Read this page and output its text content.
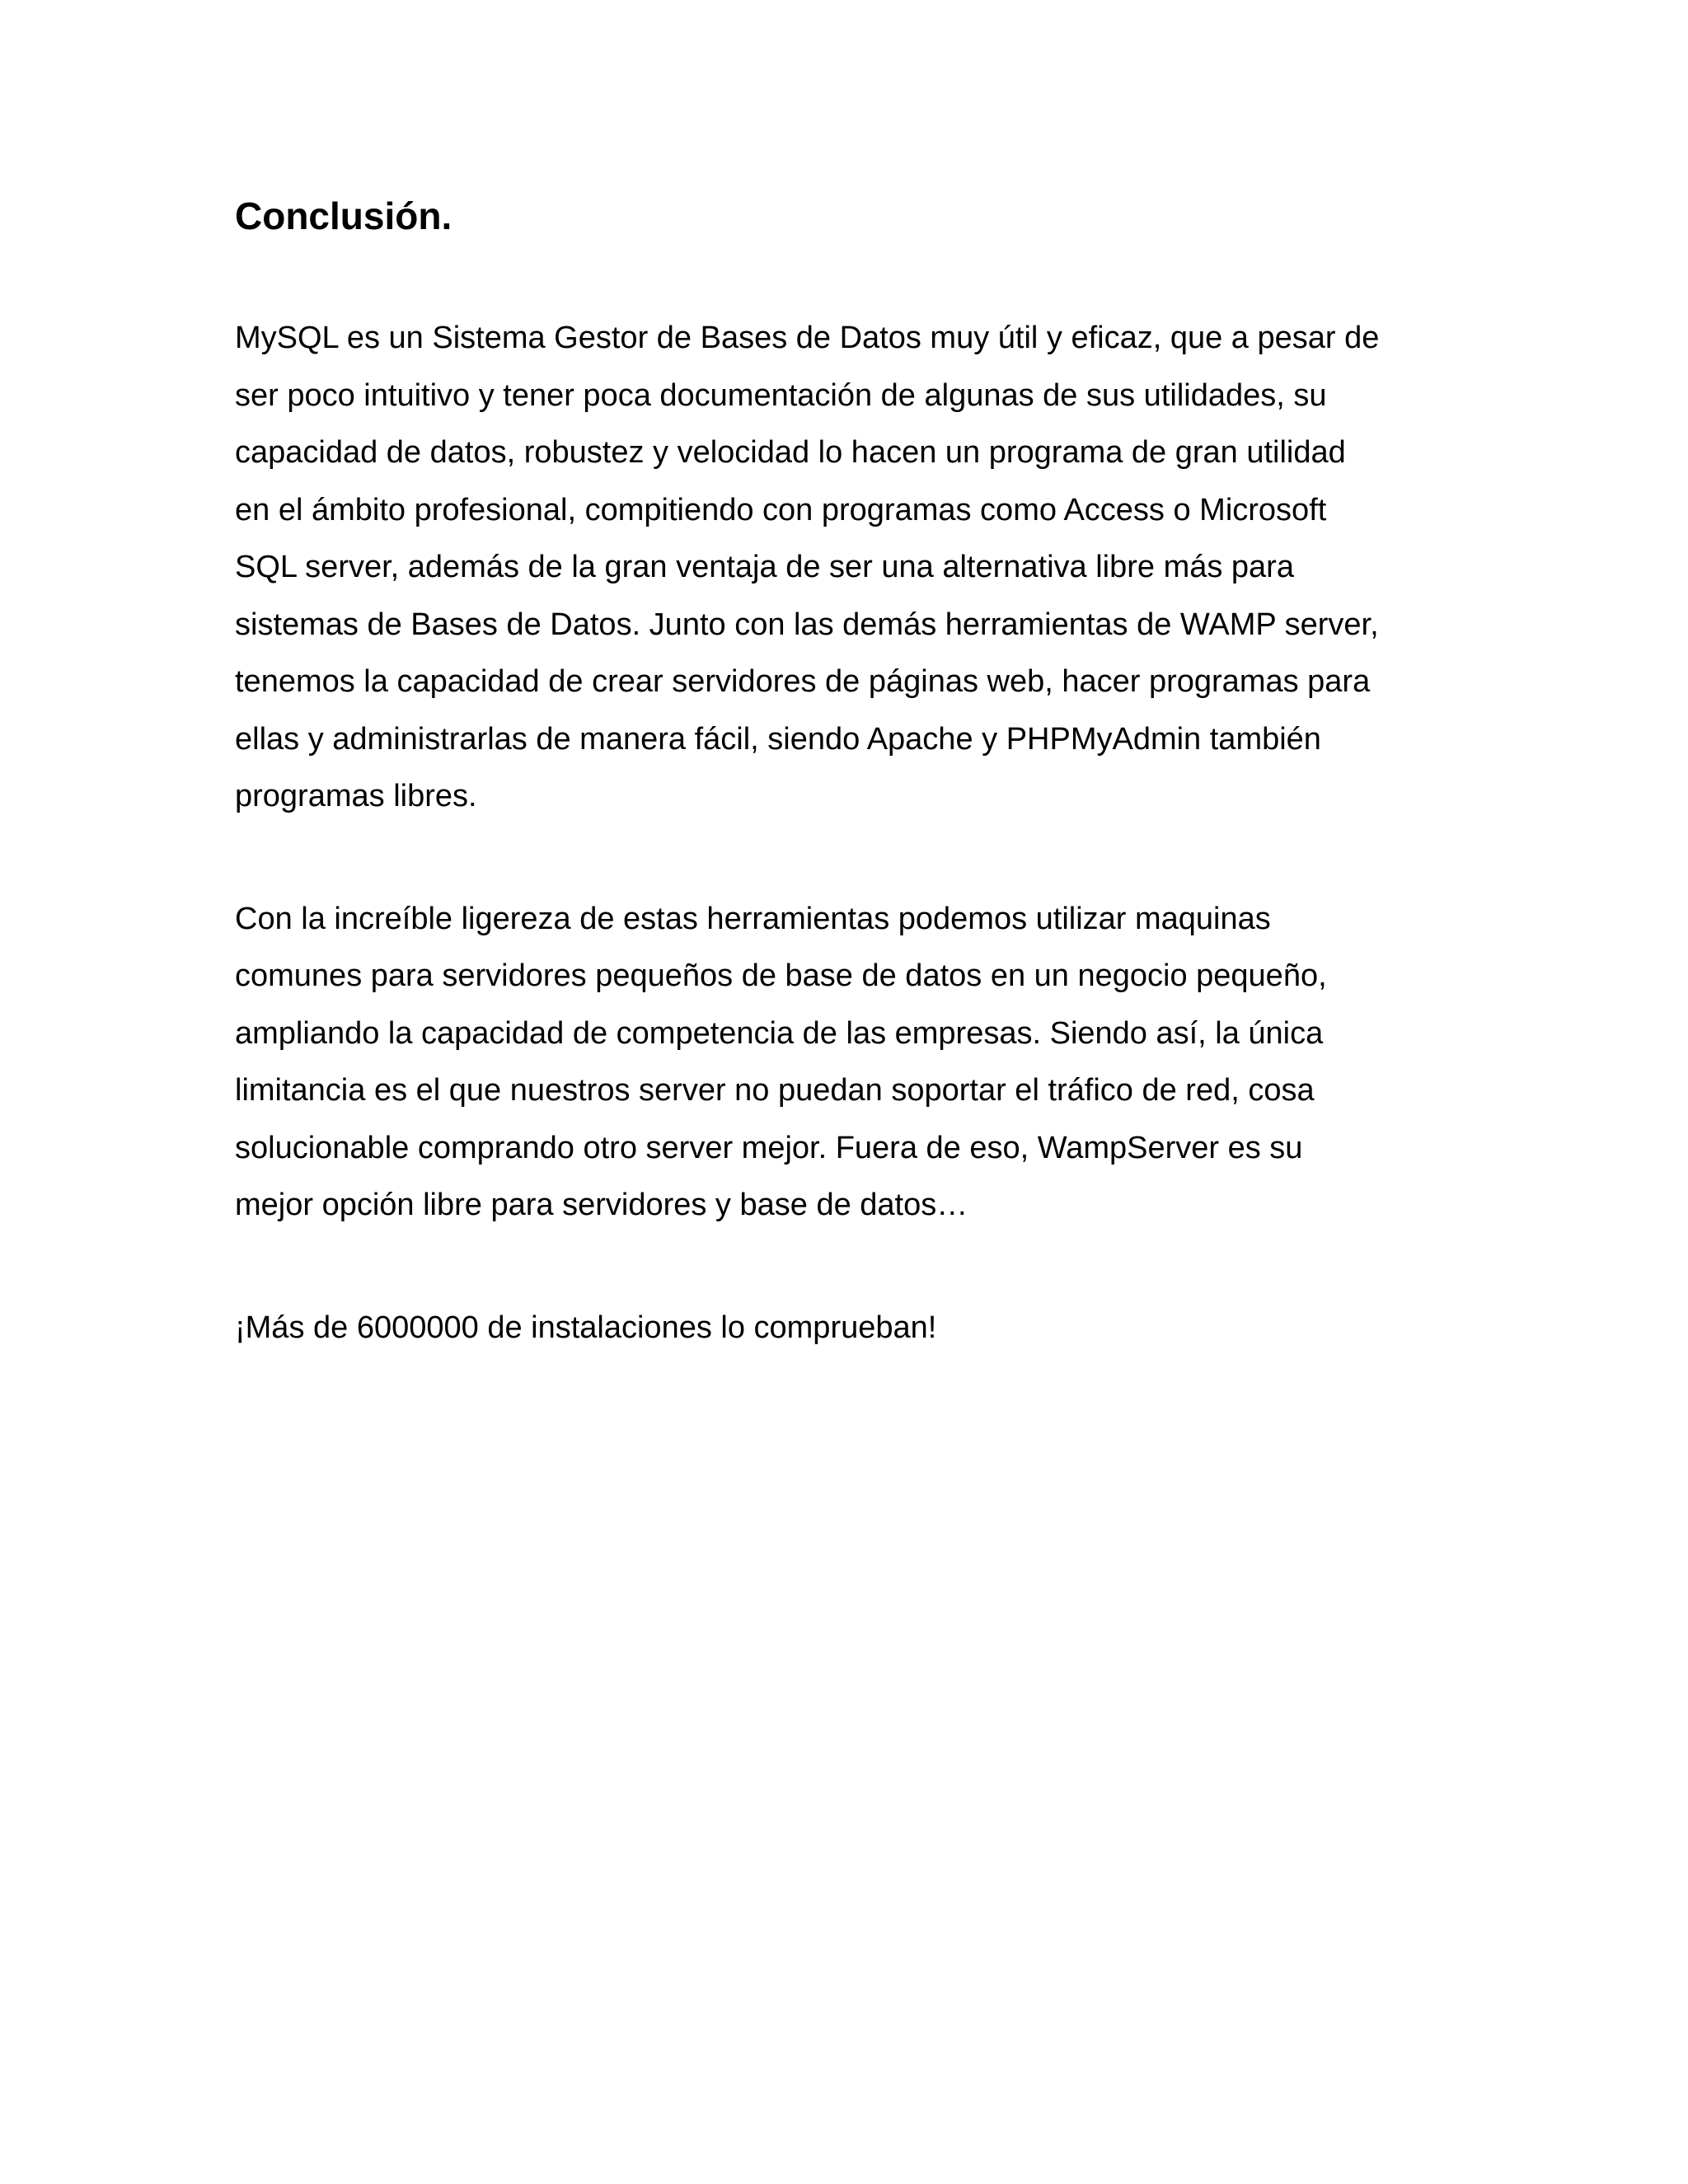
Conclusión.

MySQL es un Sistema Gestor de Bases de Datos muy útil y eficaz, que a pesar de
ser poco intuitivo y tener poca documentación de algunas de sus utilidades, su
capacidad de datos, robustez y velocidad lo hacen un programa de gran utilidad
en el ámbito profesional, compitiendo con programas como Access o Microsoft
SQL server, además de la gran ventaja de ser una alternativa libre más para
sistemas de Bases de Datos. Junto con las demás herramientas de WAMP server,
tenemos la capacidad de crear servidores de páginas web, hacer programas para
ellas y administrarlas de manera fácil, siendo Apache y PHPMyAdmin también
programas libres.

Con la increíble ligereza de estas herramientas podemos utilizar maquinas
comunes para servidores pequeños de base de datos en un negocio pequeño,
ampliando la capacidad de competencia de las empresas. Siendo así, la única
limitancia es el que nuestros server no puedan soportar el tráfico de red, cosa
solucionable comprando otro server mejor. Fuera de eso, WampServer es su
mejor opción libre para servidores y base de datos…

¡Más de 6000000 de instalaciones lo comprueban!
